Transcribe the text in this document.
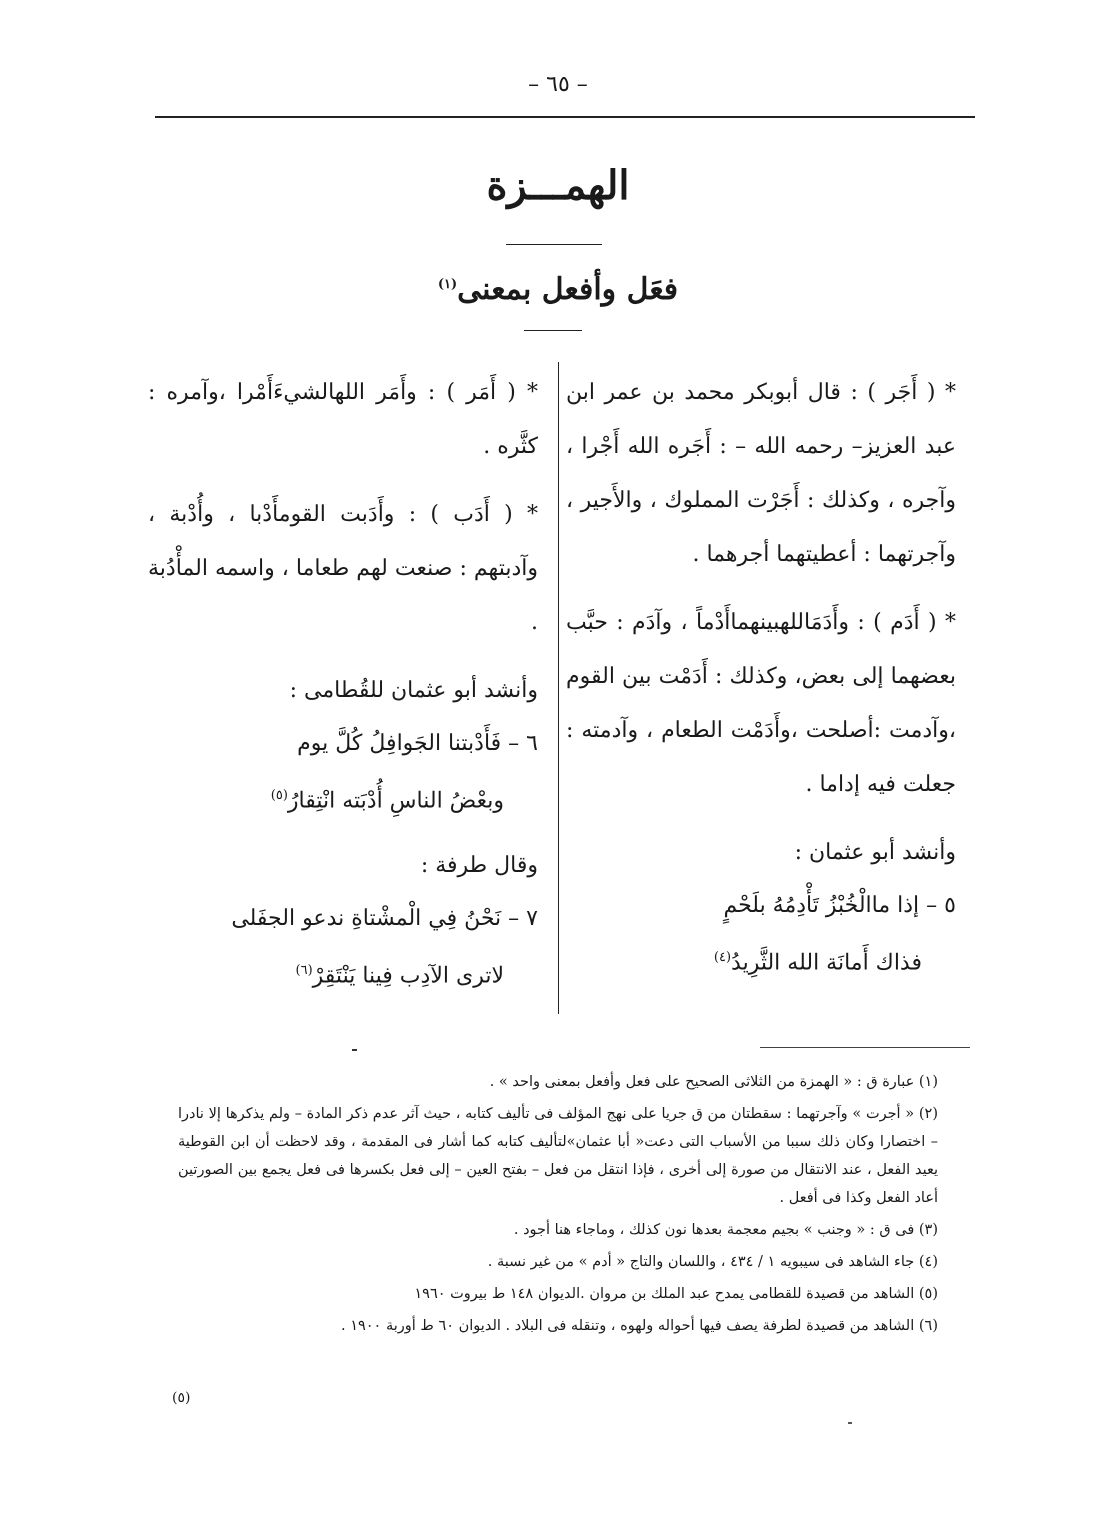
– ٦٥ –
الهمـــزة
فعَل وأفعل بمعنى$^{(١)}$

* ( أَجَر ) : قال أبوبكر محمد بن عمر ابن عبد العزيز– رحمه الله – : أَجَره الله أَجْرا ، وآجره ، وكذلك : أَجَرْت المملوك ، والأَجير ، وآجرتهما : أعطيتهما أجرهما .

* ( أَدَم ) : وأَدَمَاللهبينهماأَدْماً ، وآدَم : حبَّب بعضهما إلى بعض، وكذلك : أَدَمْت بين القوم ،وآدمت :أصلحت ،وأَدَمْت الطعام ، وآدمته : جعلت فيه إداما .

وأنشد أبو عثمان :

٥ – إذا ماالْخُبْزُ تَأْدِمُهُ بلَحْمٍ
فذاك أَمانَة الله الثَّرِيدُ$^{(٤)}$

* ( أَمَر ) : وأَمَر اللهالشيءَأَمْرا ،وآمره : كثَّره .

* ( أَدَب ) : وأَدَبت القومأَدْبا ، وأُدْبة ، وآدبتهم : صنعت لهم طعاما ، واسمه المأْدُبة .

وأنشد أبو عثمان للقُطامى :

٦ – فَأَدْبتنا الجَوافِلُ كُلَّ يوم
وبعْضُ الناسِ أُدْبَته انْتِقارُ$^{(٥)}$

وقال طرفة :

٧ – نَحْنُ فِي الْمشْتاةِ ندعو الجفَلى
لاترى الآدِب فِينا يَنْتَقِرْ$^{(٦)}$
(١) عبارة ق : « الهمزة من الثلاثى الصحيح على فعل وأفعل بمعنى واحد » .
(٢) « أجرت » وآجرتهما : سقطتان من ق جريا على نهج المؤلف فى تأليف كتابه ، حيث آثر عدم ذكر المادة – ولم يذكرها إلا نادرا – اختصارا وكان ذلك سببا من الأسباب التى دعت« أبا عثمان»لتأليف كتابه كما أشار فى المقدمة ، وقد لاحظت أن ابن القوطية يعيد الفعل ، عند الانتقال من صورة إلى أخرى ، فإذا انتقل من فعل – بفتح العين – إلى فعل بكسرها فى فعل يجمع بين الصورتين أعاد الفعل وكذا فى أفعل .
(٣) فى ق : « وجنب » بجيم معجمة بعدها نون كذلك ، وماجاء هنا أجود .
(٤) جاء الشاهد فى سيبويه ١ / ٤٣٤ ، واللسان والتاج « أدم » من غير نسبة .
(٥) الشاهد من قصيدة للقطامى يمدح عبد الملك بن مروان .الديوان ١٤٨ ط بيروت ١٩٦٠
(٦) الشاهد من قصيدة لطرفة يصف فيها أحواله ولهوه ، وتنقله فى البلاد . الديوان ٦٠ ط أوربة ١٩٠٠ .
(٥)
